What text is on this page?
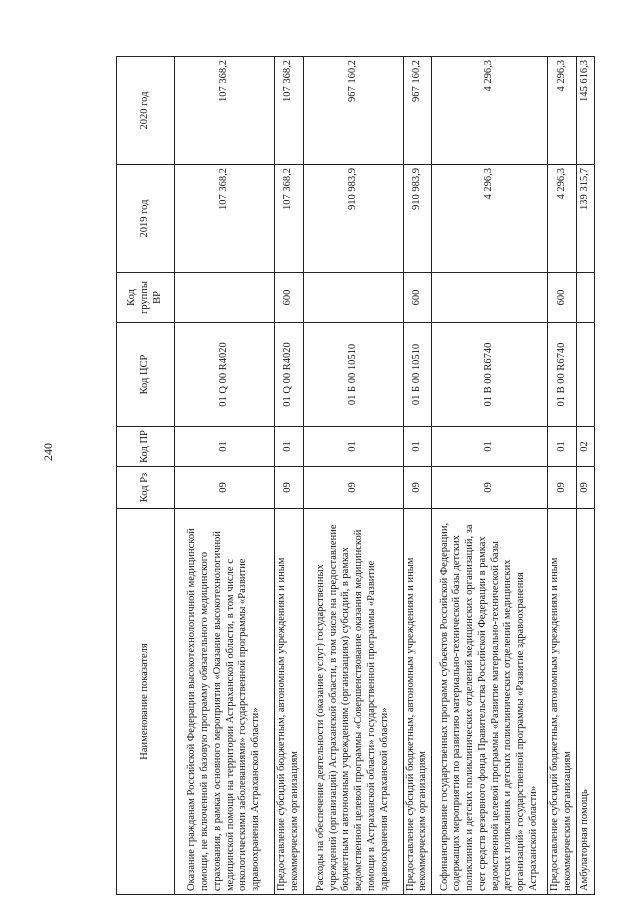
240
Наименование показателя	Код Рз	Код ПР	Код ЦСР	Код группы ВР	2019 год	2020 год
Оказание гражданам Российской Федерации высокотехнологичной медицинской помощи, не включенной в базовую программу обязательного медицинского страхования, в рамках основного мероприятия «Оказание высокотехнологичной медицинской помощи на территории Астраханской области, в том числе с онкологическими заболеваниями» государственной программы «Развитие здравоохранения Астраханской области»	09	01	01 Q 00 R4020		107 368,2	107 368,2
Предоставление субсидий бюджетным, автономным учреждениям и иным некоммерческим организациям	09	01	01 Q 00 R4020	600	107 368,2	107 368,2
Расходы на обеспечение деятельности (оказание услуг) государственных учреждений (организаций) Астраханской области, в том числе на предоставление бюджетным и автономным учреждениям (организациям) субсидий, в рамках ведомственной целевой программы «Совершенствование оказания медицинской помощи в Астраханской области» государственной программы «Развитие здравоохранения Астраханской области»	09	01	01 Б 00 10510		910 983,9	967 160,2
Предоставление субсидий бюджетным, автономным учреждениям и иным некоммерческим организациям	09	01	01 Б 00 10510	600	910 983,9	967 160,2
Софинансирование государственных программ субъектов Российской Федерации, содержащих мероприятия по развитию материально-технической базы детских поликлиник и детских поликлинических отделений медицинских организаций, за счет средств резервного фонда Правительства Российской Федерации в рамках ведомственной целевой программы «Развитие материально-технической базы детских поликлиник и детских поликлинических отделений медицинских организаций» государственной программы «Развитие здравоохранения Астраханской области»	09	01	01 В 00 R6740		4 296,3	4 296,3
Предоставление субсидий бюджетным, автономным учреждениям и иным некоммерческим организациям	09	01	01 В 00 R6740	600	4 296,3	4 296,3
Амбулаторная помощь	09	02			139 315,7	145 616,3
